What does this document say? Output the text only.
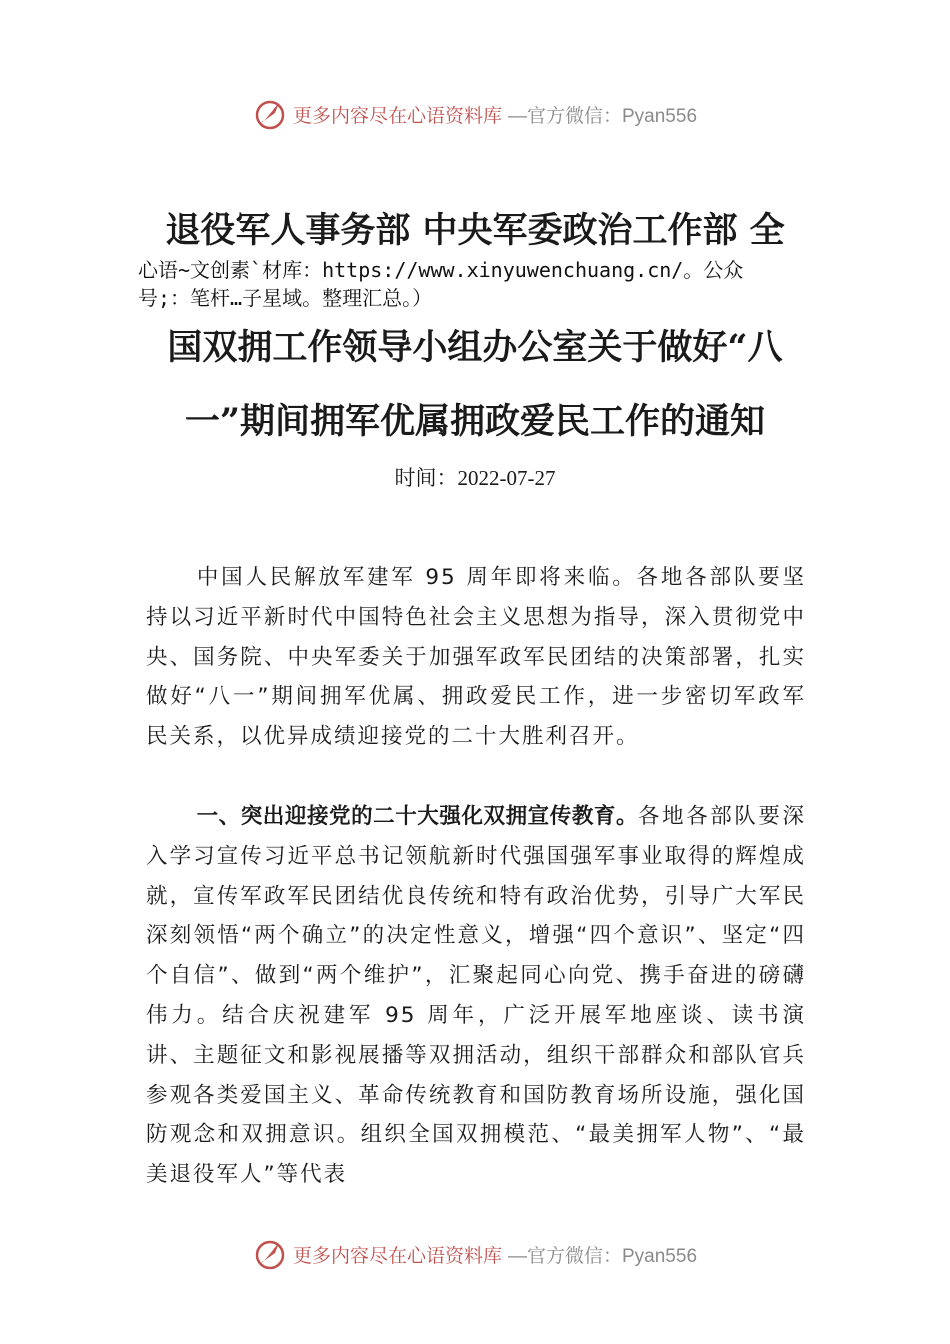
更多内容尽在心语资料库 —官方微信：Pyan556
退役军人事务部 中央军委政治工作部 全
心语~文创素`材库：https://www.xinyuwenchuang.cn/。公众
号;：笔杆…子星域。整理汇总。）
国双拥工作领导小组办公室关于做好“八
一”期间拥军优属拥政爱民工作的通知
时间：2022-07-27
中国人民解放军建军 95 周年即将来临。各地各部队要坚持以习近平新时代中国特色社会主义思想为指导，深入贯彻党中央、国务院、中央军委关于加强军政军民团结的决策部署，扎实做好“八一”期间拥军优属、拥政爱民工作，进一步密切军政军民关系，以优异成绩迎接党的二十大胜利召开。
一、突出迎接党的二十大强化双拥宣传教育。各地各部队要深入学习宣传习近平总书记领航新时代强国强军事业取得的辉煌成就，宣传军政军民团结优良传统和特有政治优势，引导广大军民深刻领悟“两个确立”的决定性意义，增强“四个意识”、坚定“四个自信”、做到“两个维护”，汇聚起同心向党、携手奋进的磅礴伟力。结合庆祝建军 95 周年，广泛开展军地座谈、读书演讲、主题征文和影视展播等双拥活动，组织干部群众和部队官兵参观各类爱国主义、革命传统教育和国防教育场所设施，强化国防观念和双拥意识。组织全国双拥模范、“最美拥军人物”、“最美退役军人”等代表
更多内容尽在心语资料库 —官方微信：Pyan556
